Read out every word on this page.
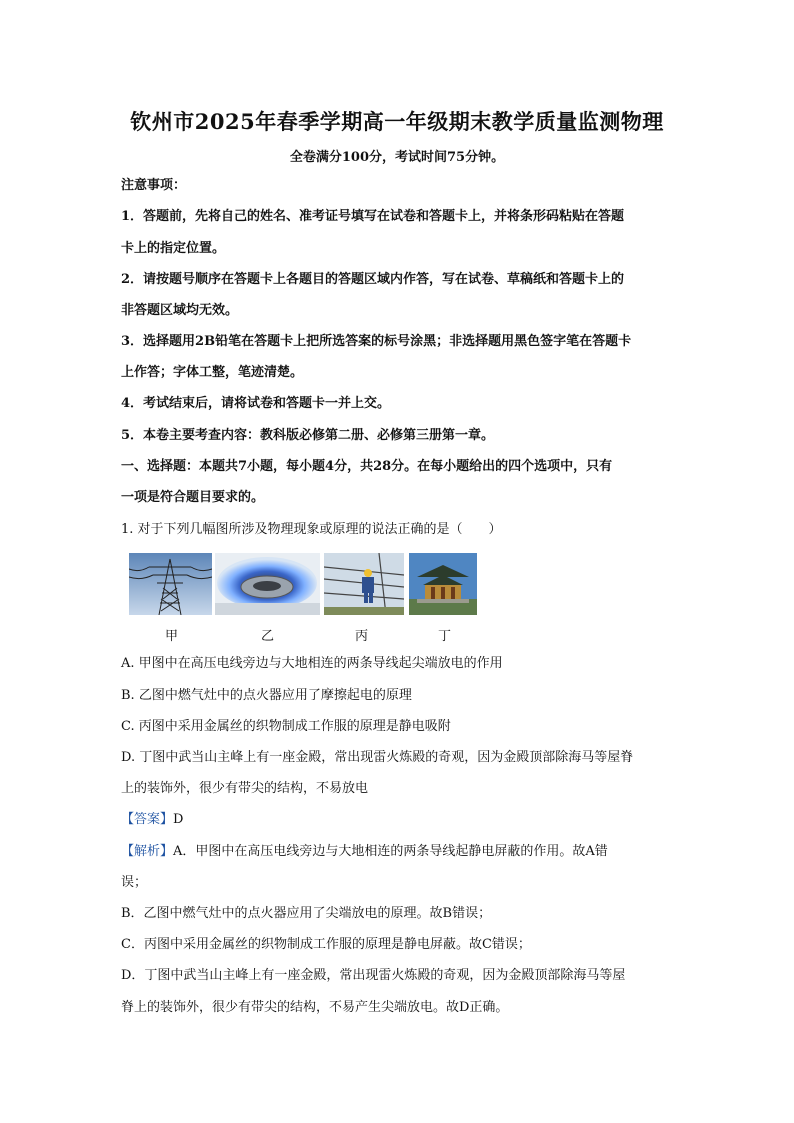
钦州市2025年春季学期高一年级期末教学质量监测物理
全卷满分100分，考试时间75分钟。
注意事项：
1．答题前，先将自己的姓名、准考证号填写在试卷和答题卡上，并将条形码粘贴在答题
卡上的指定位置。
2．请按题号顺序在答题卡上各题目的答题区域内作答，写在试卷、草稿纸和答题卡上的
非答题区域均无效。
3．选择题用2B铅笔在答题卡上把所选答案的标号涂黑；非选择题用黑色签字笔在答题卡
上作答；字体工整，笔迹清楚。
4．考试结束后，请将试卷和答题卡一并上交。
5．本卷主要考查内容：教科版必修第二册、必修第三册第一章。
一、选择题：本题共7小题，每小题4分，共28分。在每小题给出的四个选项中，只有
一项是符合题目要求的。
1. 对于下列几幅图所涉及物理现象或原理的说法正确的是（　　）
甲	乙	丙	丁
A. 甲图中在高压电线旁边与大地相连的两条导线起尖端放电的作用
B. 乙图中燃气灶中的点火器应用了摩擦起电的原理
C. 丙图中采用金属丝的织物制成工作服的原理是静电吸附
D. 丁图中武当山主峰上有一座金殿，常出现雷火炼殿的奇观，因为金殿顶部除海马等屋脊
上的装饰外，很少有带尖的结构，不易放电
【答案】D
【解析】A．甲图中在高压电线旁边与大地相连的两条导线起静电屏蔽的作用。故A错
误；
B．乙图中燃气灶中的点火器应用了尖端放电的原理。故B错误；
C．丙图中采用金属丝的织物制成工作服的原理是静电屏蔽。故C错误；
D．丁图中武当山主峰上有一座金殿，常出现雷火炼殿的奇观，因为金殿顶部除海马等屋
脊上的装饰外，很少有带尖的结构，不易产生尖端放电。故D正确。
